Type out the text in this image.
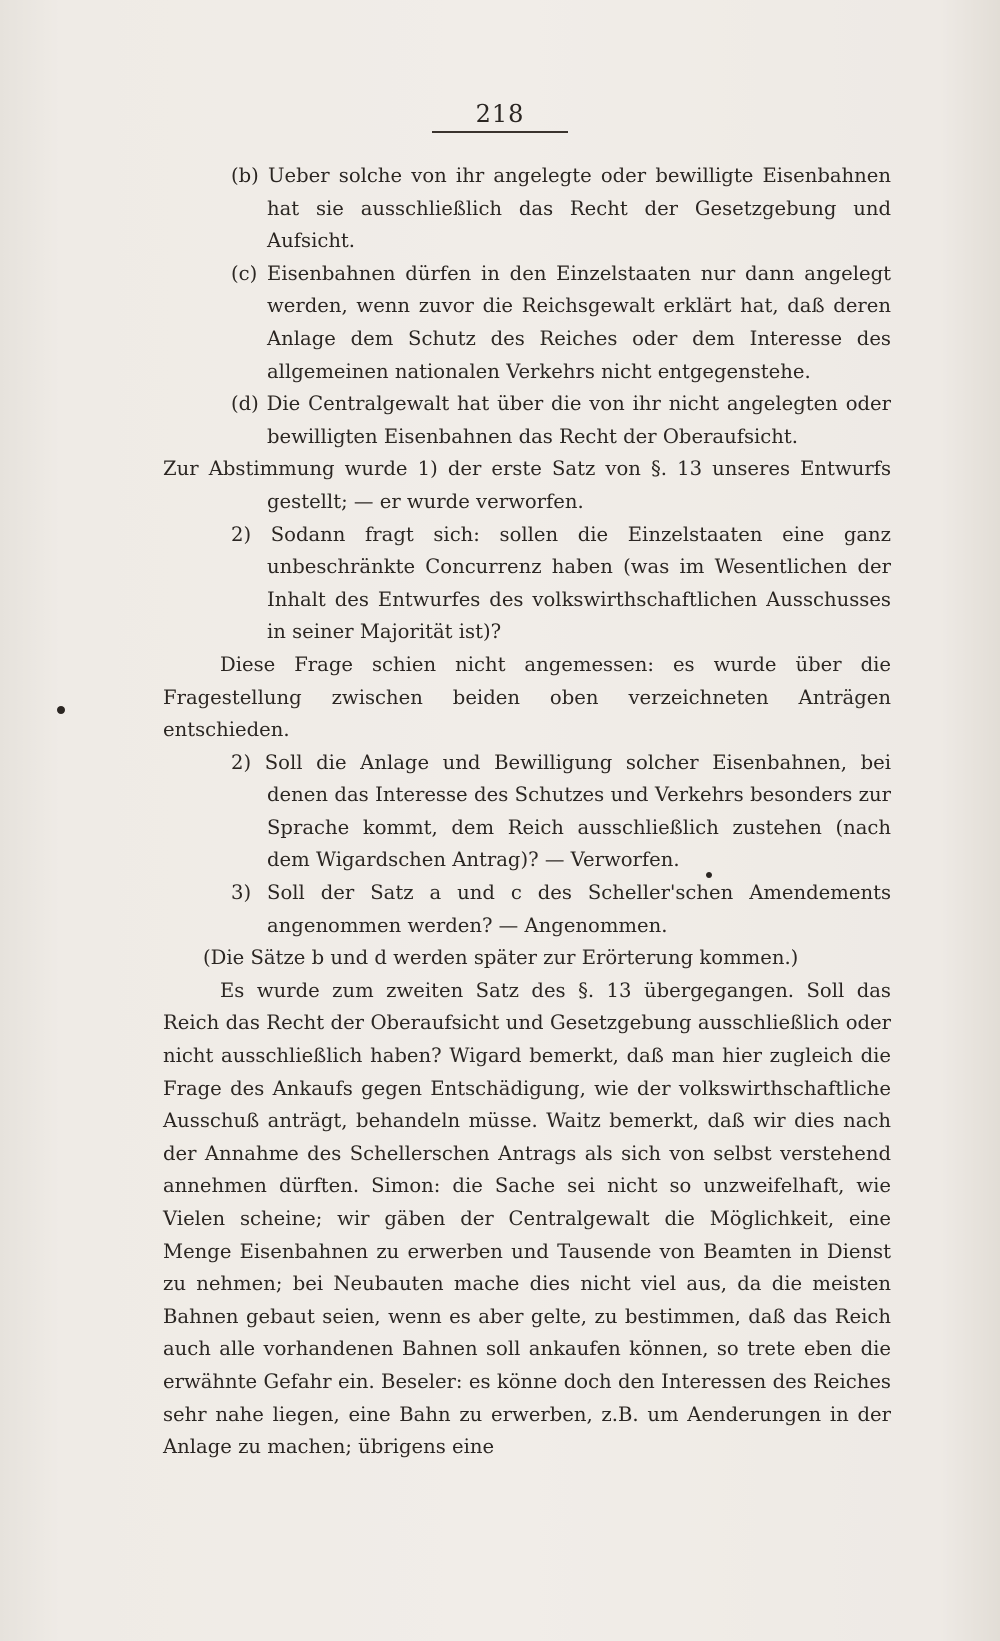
218

(b) Ueber solche von ihr angelegte oder bewilligte Eisenbahnen hat sie ausschließlich das Recht der Gesetzgebung und Aufsicht.

(c) Eisenbahnen dürfen in den Einzelstaaten nur dann angelegt werden, wenn zuvor die Reichsgewalt erklärt hat, daß deren Anlage dem Schutz des Reiches oder dem Interesse des allgemeinen nationalen Verkehrs nicht entgegenstehe.

(d) Die Centralgewalt hat über die von ihr nicht angelegten oder bewilligten Eisenbahnen das Recht der Oberaufsicht.

Zur Abstimmung wurde 1) der erste Satz von §. 13 unseres Entwurfs gestellt; — er wurde verworfen.

2) Sodann fragt sich: sollen die Einzelstaaten eine ganz unbeschränkte Concurrenz haben (was im Wesentlichen der Inhalt des Entwurfes des volkswirthschaftlichen Ausschusses in seiner Majorität ist)?

Diese Frage schien nicht angemessen: es wurde über die Fragestellung zwischen beiden oben verzeichneten Anträgen entschieden.

2) Soll die Anlage und Bewilligung solcher Eisenbahnen, bei denen das Interesse des Schutzes und Verkehrs besonders zur Sprache kommt, dem Reich ausschließlich zustehen (nach dem Wigardschen Antrag)? — Verworfen.

3) Soll der Satz a und c des Scheller'schen Amendements angenommen werden? — Angenommen.

(Die Sätze b und d werden später zur Erörterung kommen.)

Es wurde zum zweiten Satz des §. 13 übergegangen. Soll das Reich das Recht der Oberaufsicht und Gesetzgebung ausschließlich oder nicht ausschließlich haben? Wigard bemerkt, daß man hier zugleich die Frage des Ankaufs gegen Entschädigung, wie der volkswirthschaftliche Ausschuß anträgt, behandeln müsse. Waitz bemerkt, daß wir dies nach der Annahme des Schellerschen Antrags als sich von selbst verstehend annehmen dürften. Simon: die Sache sei nicht so unzweifelhaft, wie Vielen scheine; wir gäben der Centralgewalt die Möglichkeit, eine Menge Eisenbahnen zu erwerben und Tausende von Beamten in Dienst zu nehmen; bei Neubauten mache dies nicht viel aus, da die meisten Bahnen gebaut seien, wenn es aber gelte, zu bestimmen, daß das Reich auch alle vorhandenen Bahnen soll ankaufen können, so trete eben die erwähnte Gefahr ein. Beseler: es könne doch den Interessen des Reiches sehr nahe liegen, eine Bahn zu erwerben, z.B. um Aenderungen in der Anlage zu machen; übrigens eine
